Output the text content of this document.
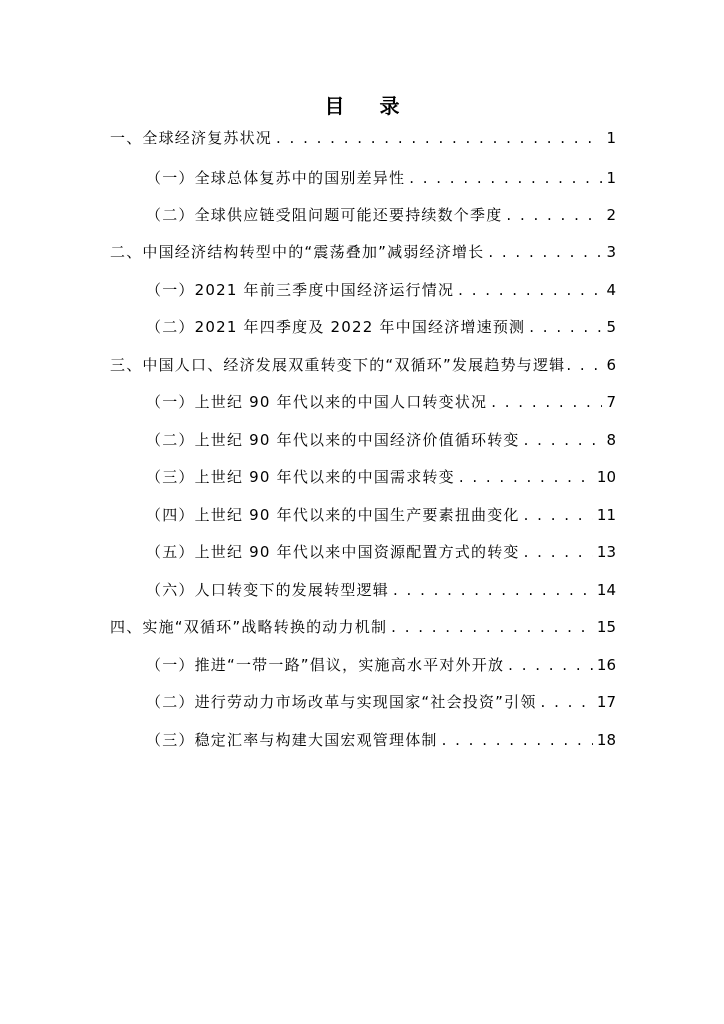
目 录
一、全球经济复苏状况 . . .	1
（一）全球总体复苏中的国别差异性 . . .	1
（二）全球供应链受阻问题可能还要持续数个季度 . . .	2
二、中国经济结构转型中的“震荡叠加”减弱经济增长 . . .	3
（一）2021 年前三季度中国经济运行情况 . . .	4
（二）2021 年四季度及 2022 年中国经济增速预测 . . .	5
三、中国人口、经济发展双重转变下的“双循环”发展趋势与逻辑 . . .	6
（一）上世纪 90 年代以来的中国人口转变状况 . . .	7
（二）上世纪 90 年代以来的中国经济价值循环转变 . . .	8
（三）上世纪 90 年代以来的中国需求转变 . . .	10
（四）上世纪 90 年代以来的中国生产要素扭曲变化 . . .	11
（五）上世纪 90 年代以来中国资源配置方式的转变 . . .	13
（六）人口转变下的发展转型逻辑 . . .	14
四、实施“双循环”战略转换的动力机制 . . .	15
（一）推进“一带一路”倡议，实施高水平对外开放 . . .	16
（二）进行劳动力市场改革与实现国家“社会投资”引领 . . .	17
（三）稳定汇率与构建大国宏观管理体制 . . .	18
